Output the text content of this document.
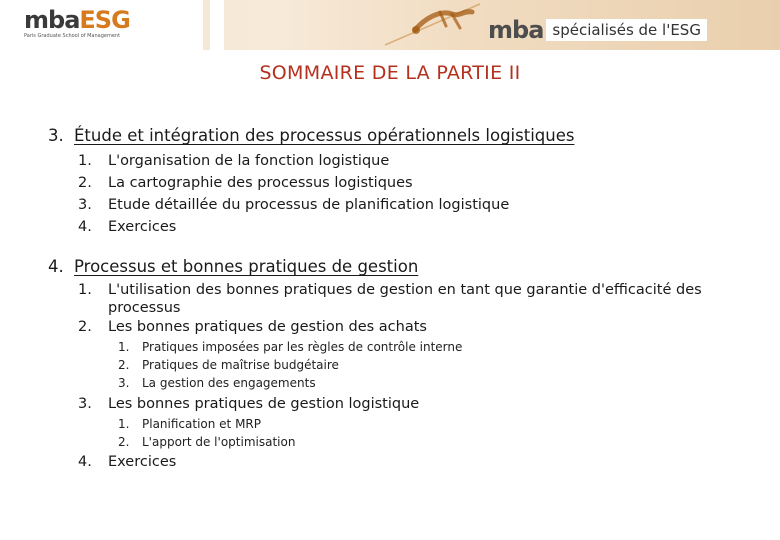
mbaESG
Paris Graduate School of Management	mba spécialisés de l'ESG
SOMMAIRE DE LA PARTIE II
3. Étude et intégration des processus opérationnels logistiques
1.	L'organisation de la fonction logistique
2.	La cartographie des processus logistiques
3.	Etude détaillée du processus de planification logistique
4.	Exercices
4. Processus et bonnes pratiques de gestion
1.	L'utilisation des bonnes pratiques de gestion en tant que garantie d'efficacité des processus
2.	Les bonnes pratiques de gestion des achats
1.	Pratiques imposées par les règles de contrôle interne
2.	Pratiques de maîtrise budgétaire
3.	La gestion des engagements
3.	Les bonnes pratiques de gestion logistique
1.	Planification et MRP
2.	L'apport de l'optimisation
4.	Exercices
